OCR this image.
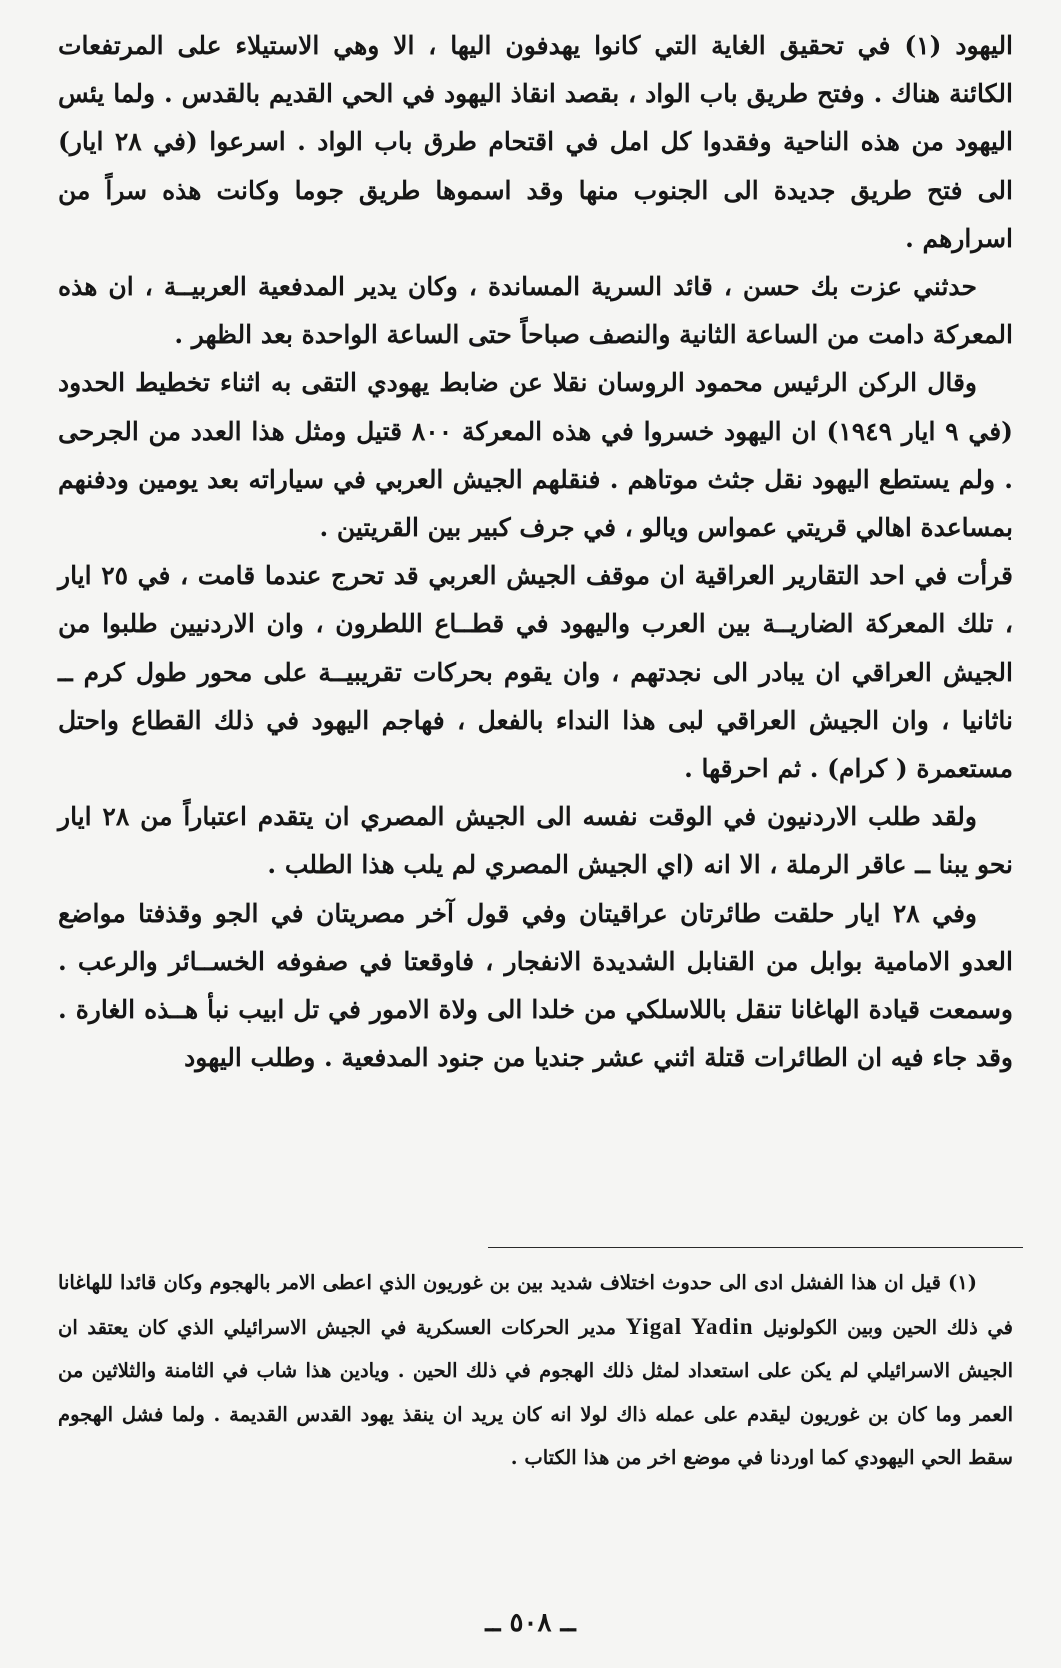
اليهود (١) في تحقيق الغاية التي كانوا يهدفون اليها ، الا وهي الاستيلاء على المرتفعات الكائنة هناك . وفتح طريق باب الواد ، بقصد انقاذ اليهود في الحي القديم بالقدس . ولما يئس اليهود من هذه الناحية وفقدوا كل امل في اقتحام طرق باب الواد . اسرعوا (في ٢٨ ايار) الى فتح طريق جديدة الى الجنوب منها وقد اسموها طريق جوما وكانت هذه سراً من اسرارهم .

حدثني عزت بك حسن ، قائد السرية المساندة ، وكان يدير المدفعية العربيــة ، ان هذه المعركة دامت من الساعة الثانية والنصف صباحاً حتى الساعة الواحدة بعد الظهر .

وقال الركن الرئيس محمود الروسان نقلا عن ضابط يهودي التقى به اثناء تخطيط الحدود (في ٩ ايار ١٩٤٩) ان اليهود خسروا في هذه المعركة ٨٠٠ قتيل ومثل هذا العدد من الجرحى . ولم يستطع اليهود نقل جثث موتاهم . فنقلهم الجيش العربي في سياراته بعد يومين ودفنهم بمساعدة اهالي قريتي عمواس ويالو ، في جرف كبير بين القريتين .

قرأت في احد التقارير العراقية ان موقف الجيش العربي قد تحرج عندما قامت ، في ٢٥ ايار ، تلك المعركة الضاريــة بين العرب واليهود في قطــاع اللطرون ، وان الاردنيين طلبوا من الجيش العراقي ان يبادر الى نجدتهم ، وان يقوم بحركات تقريبيــة على محور طول كرم ــ ناثانيا ، وان الجيش العراقي لبى هذا النداء بالفعل ، فهاجم اليهود في ذلك القطاع واحتل مستعمرة ( كرام) . ثم احرقها .

ولقد طلب الاردنيون في الوقت نفسه الى الجيش المصري ان يتقدم اعتباراً من ٢٨ ايار نحو يبنا ــ عاقر الرملة ، الا انه (اي الجيش المصري لم يلب هذا الطلب .

وفي ٢٨ ايار حلقت طائرتان عراقيتان وفي قول آخر مصريتان في الجو وقذفتا مواضع العدو الامامية بوابل من القنابل الشديدة الانفجار ، فاوقعتا في صفوفه الخســائر والرعب . وسمعت قيادة الهاغانا تنقل باللاسلكي من خلدا الى ولاة الامور في تل ابيب نبأ هــذه الغارة . وقد جاء فيه ان الطائرات قتلة اثني عشر جنديا من جنود المدفعية . وطلب اليهود

(١) قيل ان هذا الفشل ادى الى حدوث اختلاف شديد بين بن غوريون الذي اعطى الامر بالهجوم وكان قائدا للهاغانا في ذلك الحين وبين الكولونيل Yigal Yadin مدير الحركات العسكرية في الجيش الاسرائيلي الذي كان يعتقد ان الجيش الاسرائيلي لم يكن على استعداد لمثل ذلك الهجوم في ذلك الحين . ويادين هذا شاب في الثامنة والثلاثين من العمر وما كان بن غوريون ليقدم على عمله ذاك لولا انه كان يريد ان ينقذ يهود القدس القديمة . ولما فشل الهجوم سقط الحي اليهودي كما اوردنا في موضع اخر من هذا الكتاب .

ــ ٥٠٨ ــ
